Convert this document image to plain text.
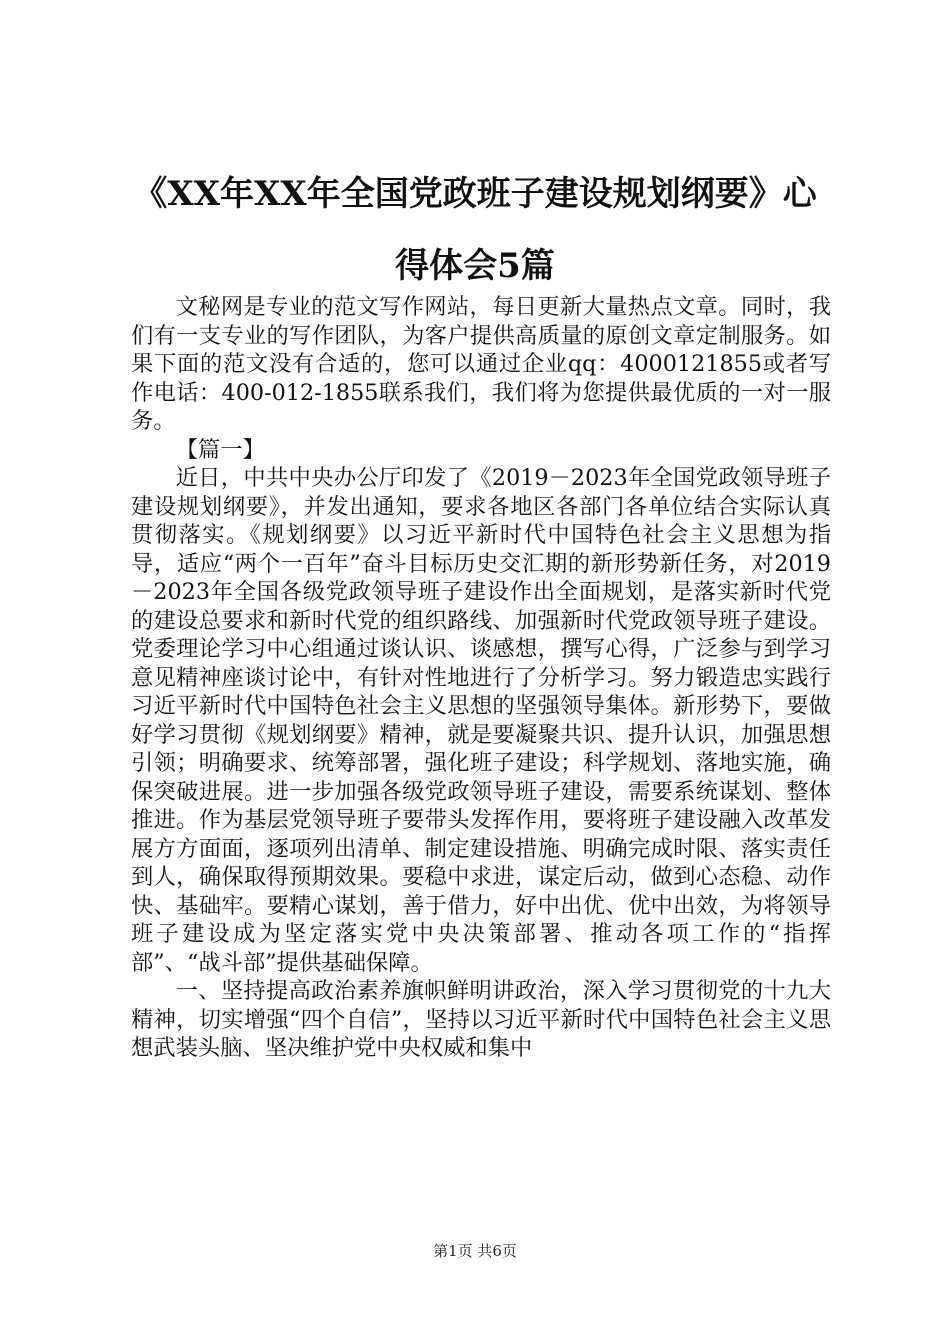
《XX年XX年全国党政班子建设规划纲要》心得体会5篇

文秘网是专业的范文写作网站，每日更新大量热点文章。同时，我们有一支专业的写作团队，为客户提供高质量的原创文章定制服务。如果下面的范文没有合适的，您可以通过企业qq：4000121855或者写作电话：400-012-1855联系我们，我们将为您提供最优质的一对一服务。

【篇一】

近日，中共中央办公厅印发了《2019－2023年全国党政领导班子建设规划纲要》，并发出通知，要求各地区各部门各单位结合实际认真贯彻落实。《规划纲要》以习近平新时代中国特色社会主义思想为指导，适应“两个一百年”奋斗目标历史交汇期的新形势新任务，对2019－2023年全国各级党政领导班子建设作出全面规划，是落实新时代党的建设总要求和新时代党的组织路线、加强新时代党政领导班子建设。党委理论学习中心组通过谈认识、谈感想，撰写心得，广泛参与到学习意见精神座谈讨论中，有针对性地进行了分析学习。努力锻造忠实践行习近平新时代中国特色社会主义思想的坚强领导集体。新形势下，要做好学习贯彻《规划纲要》精神，就是要凝聚共识、提升认识，加强思想引领；明确要求、统筹部署，强化班子建设；科学规划、落地实施，确保突破进展。进一步加强各级党政领导班子建设，需要系统谋划、整体推进。作为基层党领导班子要带头发挥作用，要将班子建设融入改革发展方方面面，逐项列出清单、制定建设措施、明确完成时限、落实责任到人，确保取得预期效果。要稳中求进，谋定后动，做到心态稳、动作快、基础牢。要精心谋划，善于借力，好中出优、优中出效，为将领导班子建设成为坚定落实党中央决策部署、推动各项工作的“指挥部”、“战斗部”提供基础保障。

一、坚持提高政治素养旗帜鲜明讲政治，深入学习贯彻党的十九大精神，切实增强“四个自信”，坚持以习近平新时代中国特色社会主义思想武装头脑、坚决维护党中央权威和集中

第1页 共6页
